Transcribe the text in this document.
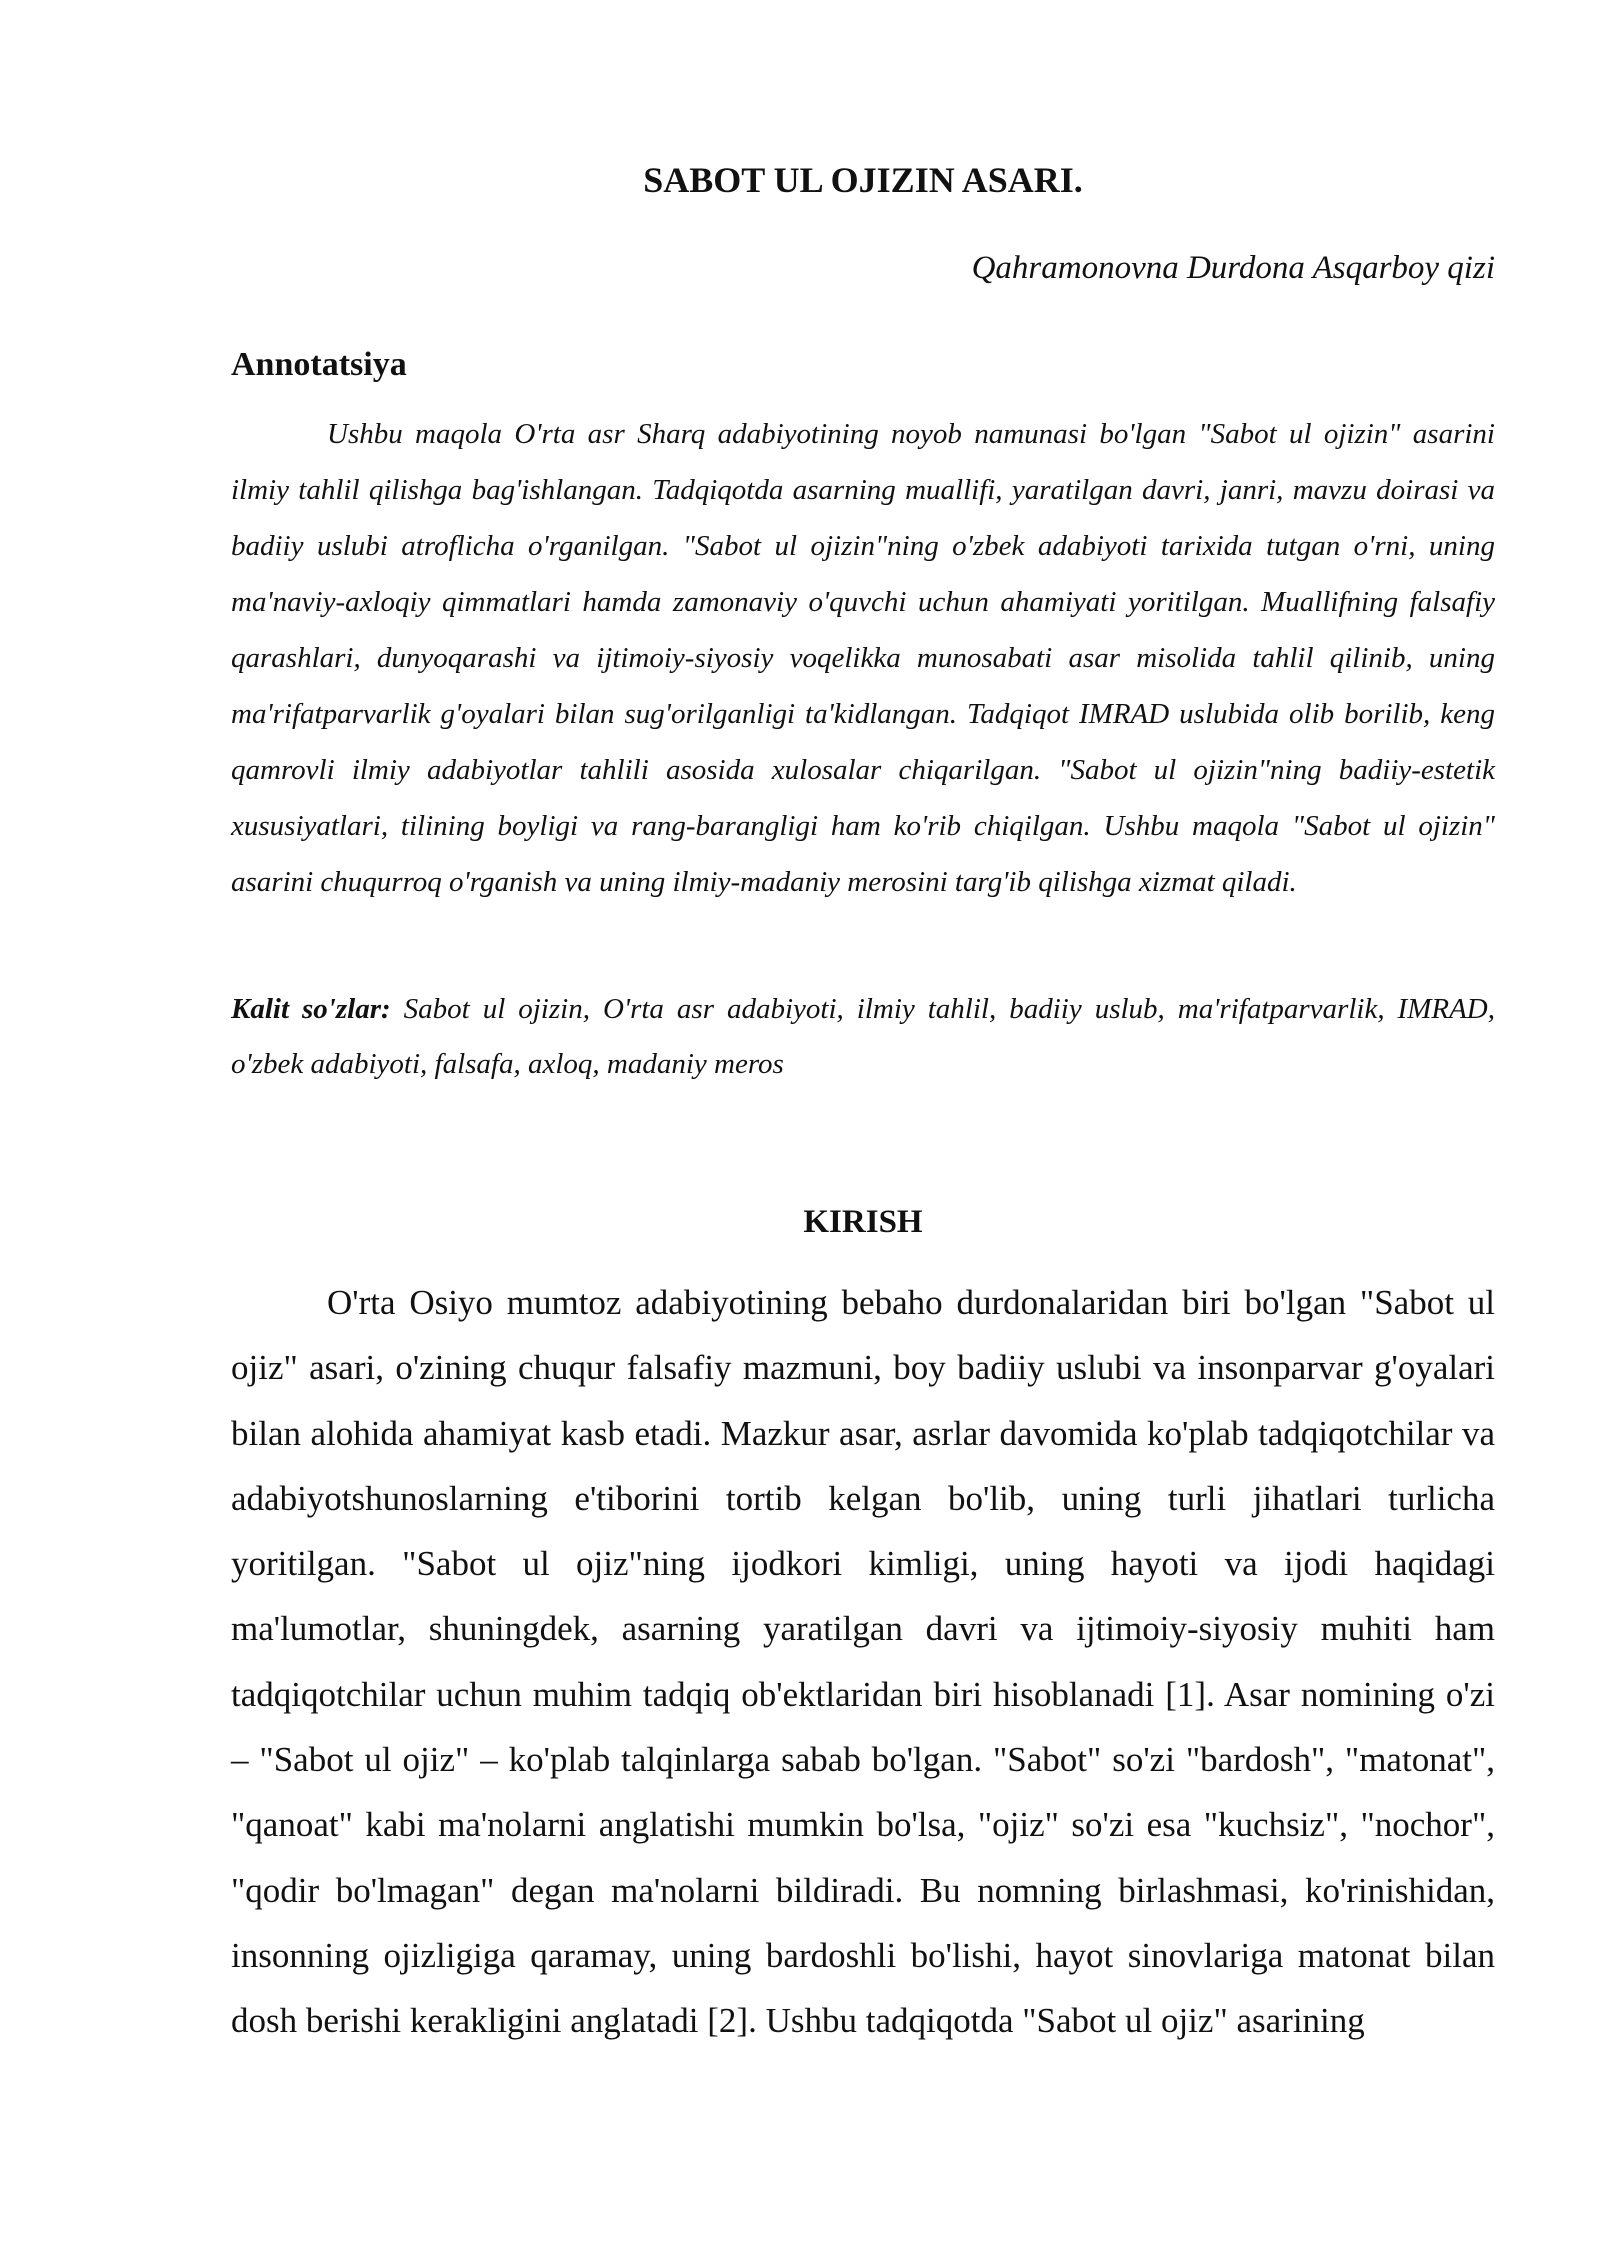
SABOT UL OJIZIN ASARI.

Qahramonovna Durdona Asqarboy qizi

Annotatsiya

Ushbu maqola O'rta asr Sharq adabiyotining noyob namunasi bo'lgan "Sabot ul ojizin" asarini ilmiy tahlil qilishga bag'ishlangan. Tadqiqotda asarning muallifi, yaratilgan davri, janri, mavzu doirasi va badiiy uslubi atroflicha o'rganilgan. "Sabot ul ojizin"ning o'zbek adabiyoti tarixida tutgan o'rni, uning ma'naviy-axloqiy qimmatlari hamda zamonaviy o'quvchi uchun ahamiyati yoritilgan. Muallifning falsafiy qarashlari, dunyoqarashi va ijtimoiy-siyosiy voqelikka munosabati asar misolida tahlil qilinib, uning ma'rifatparvarlik g'oyalari bilan sug'orilganligi ta'kidlangan. Tadqiqot IMRAD uslubida olib borilib, keng qamrovli ilmiy adabiyotlar tahlili asosida xulosalar chiqarilgan. "Sabot ul ojizin"ning badiiy-estetik xususiyatlari, tilining boyligi va rang-barangligi ham ko'rib chiqilgan. Ushbu maqola "Sabot ul ojizin" asarini chuqurroq o'rganish va uning ilmiy-madaniy merosini targ'ib qilishga xizmat qiladi.

Kalit so'zlar: Sabot ul ojizin, O'rta asr adabiyoti, ilmiy tahlil, badiiy uslub, ma'rifatparvarlik, IMRAD, o'zbek adabiyoti, falsafa, axloq, madaniy meros

KIRISH

O'rta Osiyo mumtoz adabiyotining bebaho durdonalaridan biri bo'lgan "Sabot ul ojiz" asari, o'zining chuqur falsafiy mazmuni, boy badiiy uslubi va insonparvar g'oyalari bilan alohida ahamiyat kasb etadi. Mazkur asar, asrlar davomida ko'plab tadqiqotchilar va adabiyotshunoslarning e'tiborini tortib kelgan bo'lib, uning turli jihatlari turlicha yoritilgan. "Sabot ul ojiz"ning ijodkori kimligi, uning hayoti va ijodi haqidagi ma'lumotlar, shuningdek, asarning yaratilgan davri va ijtimoiy-siyosiy muhiti ham tadqiqotchilar uchun muhim tadqiq ob'ektlaridan biri hisoblanadi [1]. Asar nomining o'zi – "Sabot ul ojiz" – ko'plab talqinlarga sabab bo'lgan. "Sabot" so'zi "bardosh", "matonat", "qanoat" kabi ma'nolarni anglatishi mumkin bo'lsa, "ojiz" so'zi esa "kuchsiz", "nochor", "qodir bo'lmagan" degan ma'nolarni bildiradi. Bu nomning birlashmasi, ko'rinishidan, insonning ojizligiga qaramay, uning bardoshli bo'lishi, hayot sinovlariga matonat bilan dosh berishi kerakligini anglatadi [2]. Ushbu tadqiqotda "Sabot ul ojiz" asarining
